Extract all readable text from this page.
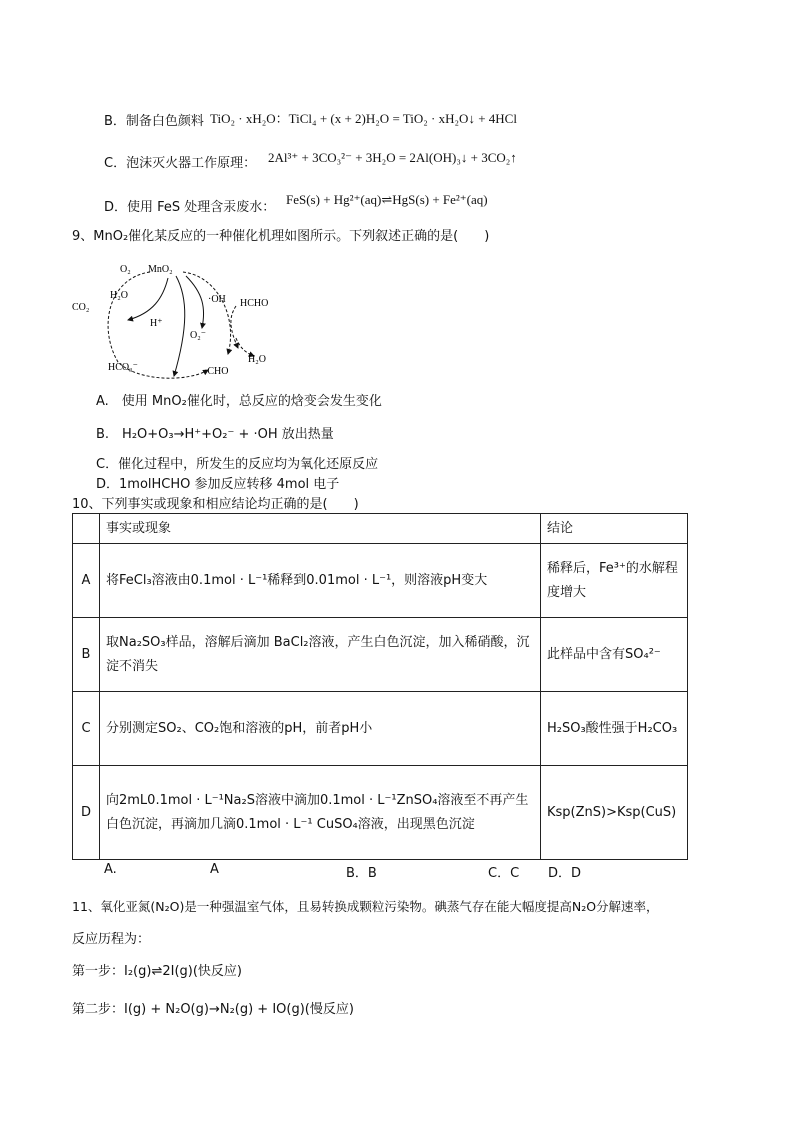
B．制备白色颜料 TiO₂ · xH₂O：TiCl₄ + (x + 2)H₂O = TiO₂ · xH₂O↓ + 4HCl
C．泡沫灭火器工作原理： 2Al³⁺ + 3CO₃²⁻ + 3H₂O = 2Al(OH)₃↓ + 3CO₂↑
D．使用 FeS 处理含汞废水：
FeS(s) + Hg²⁺(aq)⇌HgS(s) + Fe²⁺(aq)
9、MnO₂催化某反应的一种催化机理如图所示。下列叙述正确的是(　　)
O₂ MnO₂
H₂O
CO₂
H⁺
·OH HCHO
O₂⁻
H₂O
HCO₃⁻	·CHO
A.　使用 MnO₂催化时，总反应的焓变会发生变化
B.　H₂O+O₃→H⁺+O₂⁻ + ·OH 放出热量
C．催化过程中，所发生的反应均为氧化还原反应
D．1molHCHO 参加反应转移 4mol 电子
10、下列事实或现象和相应结论均正确的是(　　)
	事实或现象	结论
A	将FeCl₃溶液由0.1mol · L⁻¹稀释到0.01mol · L⁻¹，则溶液pH变大	稀释后，Fe³⁺的水解程度增大
B	取Na₂SO₃样品，溶解后滴加 BaCl₂溶液，产生白色沉淀，加入稀硝酸，沉淀不消失	此样品中含有SO₄²⁻
C	分别测定SO₂、CO₂饱和溶液的pH，前者pH小	H₂SO₃酸性强于H₂CO₃
D	向2mL0.1mol · L⁻¹Na₂S溶液中滴加0.1mol · L⁻¹ZnSO₄溶液至不再产生白色沉淀，再滴加几滴0.1mol · L⁻¹ CuSO₄溶液，出现黑色沉淀	Ksp(ZnS)>Ksp(CuS)
A.	A	B．B	C．C D．D
11、氧化亚氮(N₂O)是一种强温室气体，且易转换成颗粒污染物。碘蒸气存在能大幅度提高N₂O分解速率，
反应历程为：
第一步：I₂(g)⇌2I(g)(快反应)
第二步：I(g) + N₂O(g)→N₂(g) + IO(g)(慢反应)
